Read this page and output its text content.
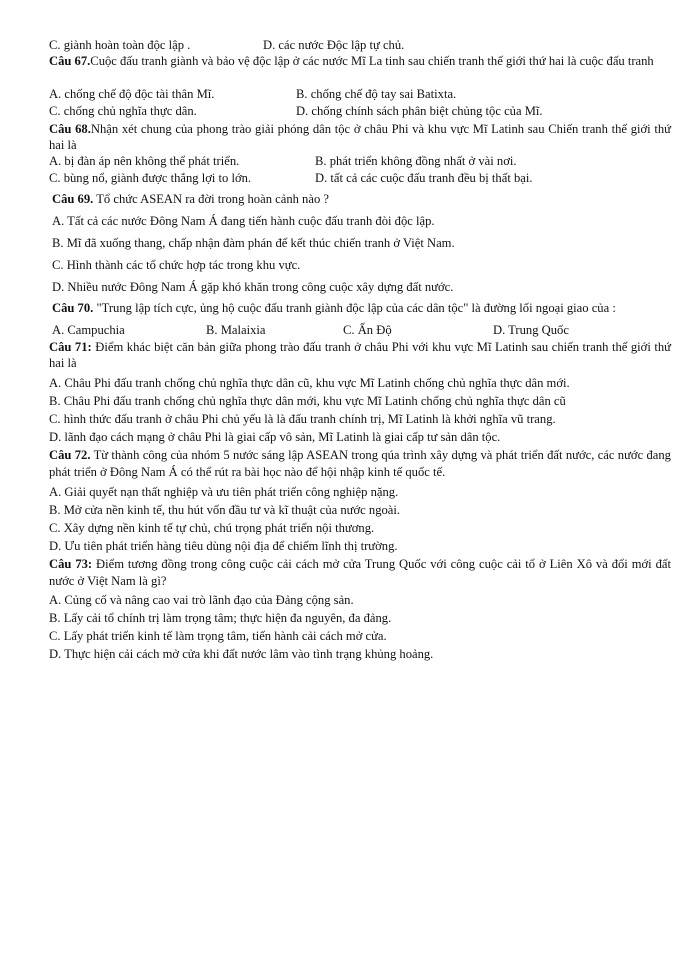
C. giành hoàn toàn độc lập .	D. các nước Độc lập tự chủ.
Câu 67.Cuộc đấu tranh giành và bảo vệ độc lập ở các nước Mĩ La tinh sau chiến tranh thế giới thứ hai là cuộc đấu tranh
A. chống chế độ độc tài thân Mĩ.	B. chống chế độ tay sai Batixta.
C. chống chủ nghĩa thực dân.	D. chống chính sách phân biệt chủng tộc của Mĩ.
Câu 68.Nhận xét chung của phong trào giải phóng dân tộc ở châu Phi và khu vực Mĩ Latinh sau Chiến tranh thế giới thứ hai là
A. bị đàn áp nên không thể phát triển.	B. phát triển không đồng nhất ở vài nơi.
C. bùng nổ, giành được thắng lợi to lớn.	D. tất cả các cuộc đấu tranh đều bị thất bại.
Câu 69. Tổ chức ASEAN ra đời trong hoàn cảnh nào ?
A. Tất cả các nước Đông Nam Á đang tiến hành cuộc đấu tranh đòi độc lập.
B. Mĩ đã xuống thang, chấp nhận đàm phán để kết thúc chiến tranh ở Việt Nam.
C. Hình thành các tổ chức hợp tác trong khu vực.
D. Nhiều nước Đông Nam Á gặp khó khăn trong công cuộc xây dựng đất nước.
Câu 70. "Trung lập tích cực, ủng hộ cuộc đấu tranh giành độc lập của các dân tộc" là đường lối ngoại giao của :
A. Campuchia	B. Malaixia	C. Ấn Độ	D. Trung Quốc
Câu 71: Điểm khác biệt căn bản giữa phong trào đấu tranh ở châu Phi với khu vực Mĩ Latinh sau chiến tranh thế giới thứ hai là
A. Châu Phi đấu tranh chống chủ nghĩa thực dân cũ, khu vực Mĩ Latinh chống chủ nghĩa thực dân mới.
B. Châu Phi đấu tranh chống chủ nghĩa thực dân mới, khu vực Mĩ Latinh chống chủ nghĩa thực dân cũ
C. hình thức đấu tranh ở châu Phi chủ yếu là là đấu tranh chính trị, Mĩ Latinh là khởi nghĩa vũ trang.
D. lãnh đạo cách mạng ở châu Phi là giai cấp vô sản, Mĩ Latinh là giai cấp tư sản dân tộc.
Câu 72. Từ thành công của nhóm 5 nước sáng lập ASEAN trong qúa trình xây dựng và phát triển đất nước, các nước đang phát triển ở Đông Nam Á có thể rút ra bài học nào để hội nhập kinh tế quốc tế.
A. Giải quyết nạn thất nghiệp và ưu tiên phát triển công nghiệp nặng.
B. Mở cửa nền kinh tế, thu hút vốn đầu tư và kĩ thuật của nước ngoài.
C. Xây dựng nền kinh tế tự chủ, chú trọng phát triển nội thương.
D. Ưu tiên phát triển hàng tiêu dùng nội địa để chiếm lĩnh thị trường.
Câu 73: Điểm tương đồng trong công cuộc cải cách mở cửa Trung Quốc với công cuộc cải tổ ở Liên Xô và đổi mới đất nước ở Việt Nam là gì?
A. Củng cố và nâng cao vai trò lãnh đạo của Đảng cộng sản.
B. Lấy cải tổ chính trị làm trọng tâm; thực hiện đa nguyên, đa đảng.
C. Lấy phát triển kinh tế làm trọng tâm, tiến hành cải cách mở cửa.
D. Thực hiện cải cách mở cửa khi đất nước lâm vào tình trạng khủng hoảng.
